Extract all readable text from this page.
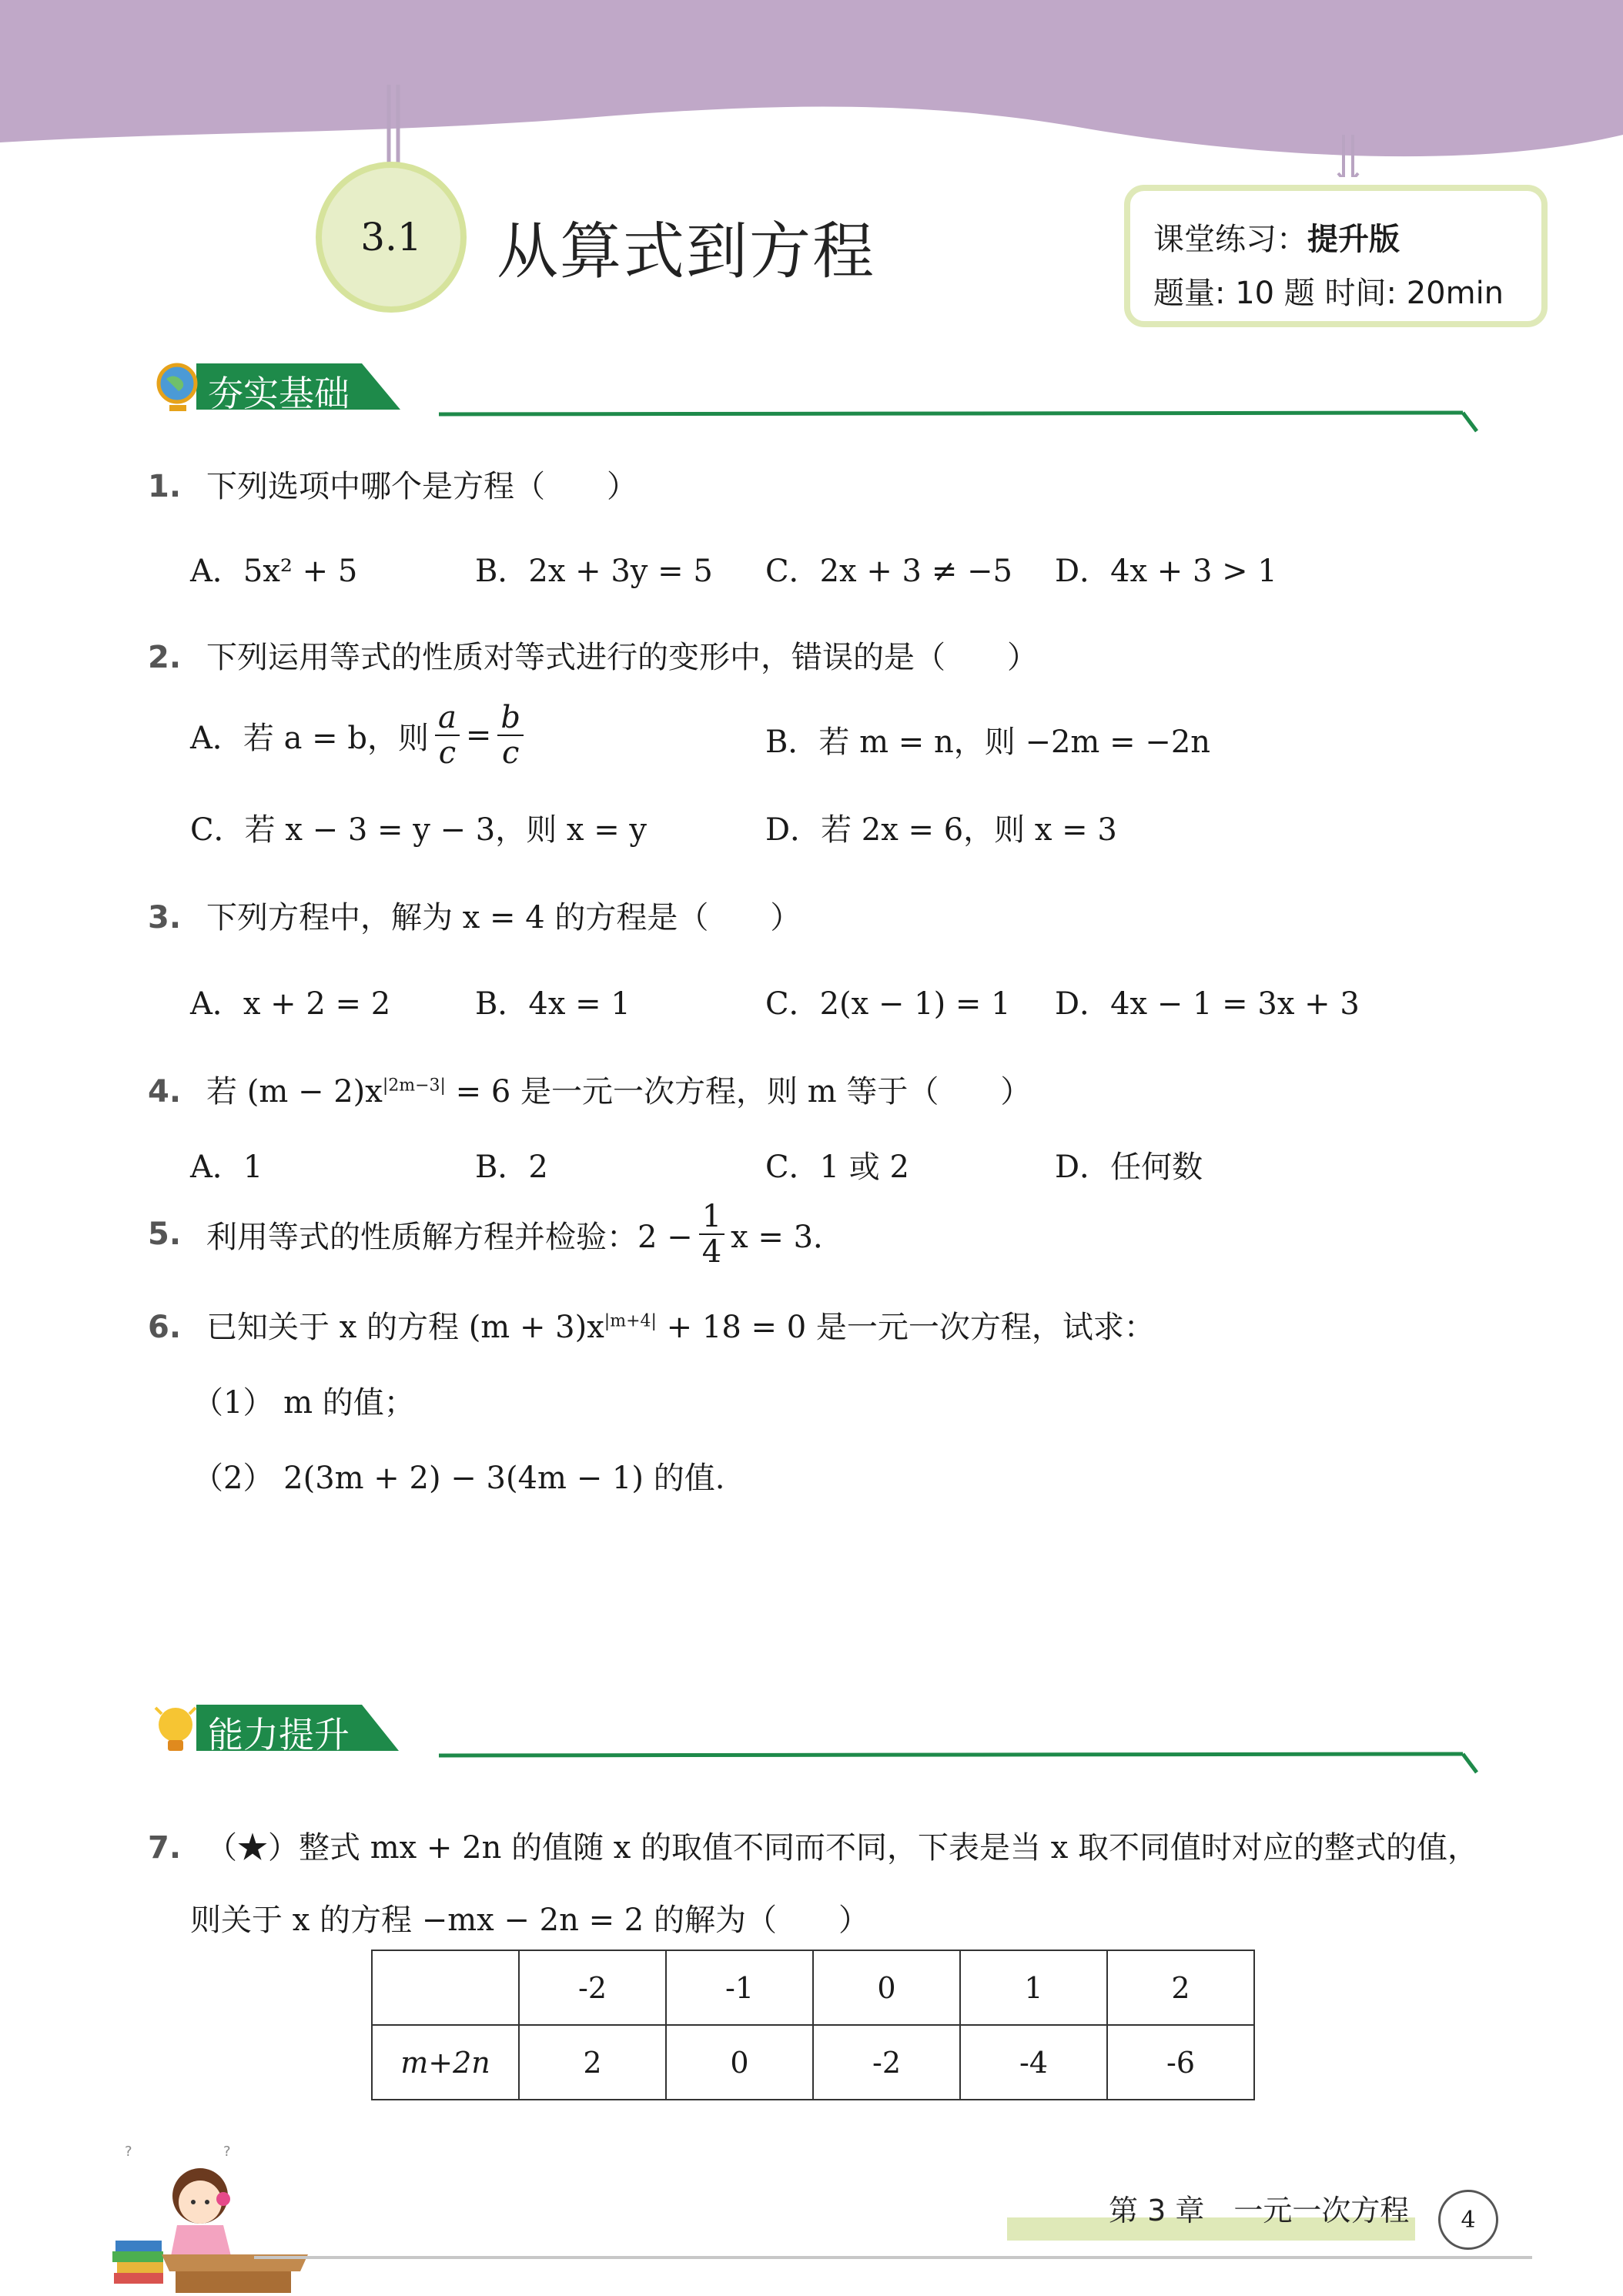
3.1 从算式到方程	课堂练习：提升版
题量: 10 题 时间: 20min
夯实基础
1. 下列选项中哪个是方程（　　）
A．5x² + 5	B．2x + 3y = 5 C．2x + 3 ≠ −5 D．4x + 3 > 1
2. 下列运用等式的性质对等式进行的变形中，错误的是（　　）
A．若 a = b，则 $\frac{a}{c} = \frac{b}{c}$	B．若 m = n，则 −2m = −2n
C．若 x − 3 = y − 3，则 x = y	D．若 2x = 6，则 x = 3
3. 下列方程中，解为 x = 4 的方程是（　　）
A．x + 2 = 2	B．4x = 1	C．2(x − 1) = 1 D．4x − 1 = 3x + 3
4. 若 $(m - 2)x^{|2m-3|} = 6$ 是一元一次方程，则 m 等于（　　）
A．1	B．2	C．1 或 2	D．任何数
5. 利用等式的性质解方程并检验：$2 - \frac{1}{4}$ x = 3．
6. 已知关于 x 的方程 $(m + 3)x^{|m+4|} + 18 = 0$ 是一元一次方程，试求：
（1） m 的值；
（2） 2(3m + 2) − 3(4m − 1) 的值.
能力提升
7. （★）整式 mx + 2n 的值随 x 的取值不同而不同，下表是当 x 取不同值时对应的整式的值，
则关于 x 的方程 −mx − 2n = 2 的解为（　　）
	-2	-1	0	1	2
m+2n	2	0	-2	-4	-6
?	?
第 3 章　一元一次方程 4
